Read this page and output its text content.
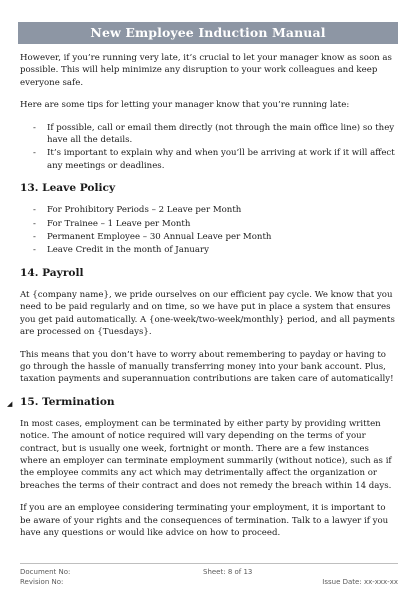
New Employee Induction Manual

However, if you’re running very late, it’s crucial to let your manager know as soon as possible. This will help minimize any disruption to your work colleagues and keep everyone safe.

Here are some tips for letting your manager know that you’re running late:

- If possible, call or email them directly (not through the main office line) so they have all the details.
- It’s important to explain why and when you’ll be arriving at work if it will affect any meetings or deadlines.
13. Leave Policy
- For Prohibitory Periods – 2 Leave per Month
- For Trainee – 1 Leave per Month
- Permanent Employee – 30 Annual Leave per Month
- Leave Credit in the month of January
14. Payroll

At {company name}, we pride ourselves on our efficient pay cycle. We know that you need to be paid regularly and on time, so we have put in place a system that ensures you get paid automatically. A {one-week/two-week/monthly} period, and all payments are processed on {Tuesdays}.

This means that you don’t have to worry about remembering to payday or having to go through the hassle of manually transferring money into your bank account. Plus, taxation payments and superannuation contributions are taken care of automatically!

◢ 15. Termination

In most cases, employment can be terminated by either party by providing written notice. The amount of notice required will vary depending on the terms of your contract, but is usually one week, fortnight or month. There are a few instances where an employer can terminate employment summarily (without notice), such as if the employee commits any act which may detrimentally affect the organization or breaches the terms of their contract and does not remedy the breach within 14 days.

If you are an employee considering terminating your employment, it is important to be aware of your rights and the consequences of termination. Talk to a lawyer if you have any questions or would like advice on how to proceed.

Document No:	Sheet: 8 of 13
Revision No:	Issue Date: xx-xxx-xx
